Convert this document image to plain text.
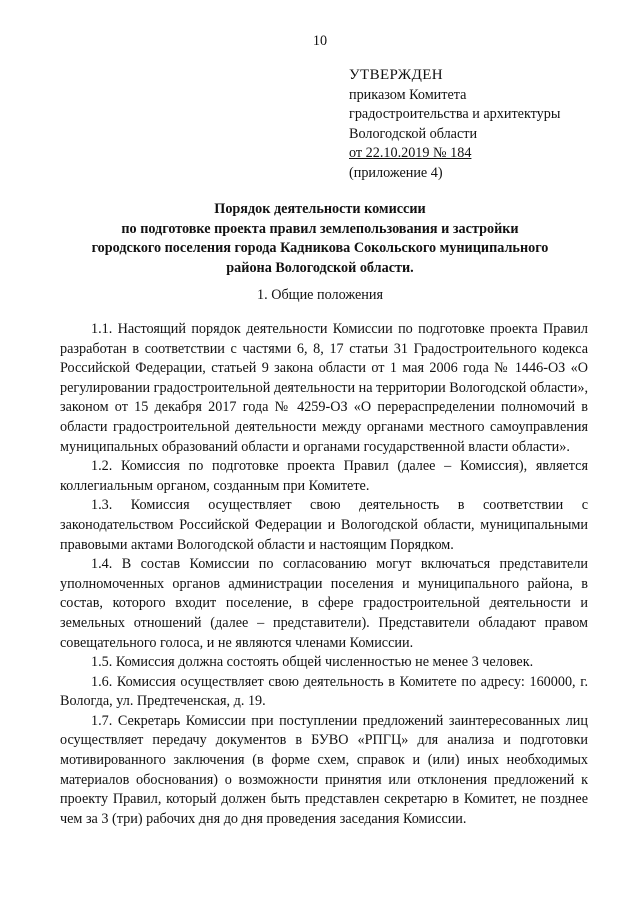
10
УТВЕРЖДЕН
приказом Комитета
градостроительства и архитектуры
Вологодской области
от 22.10.2019 № 184
(приложение 4)
Порядок деятельности комиссии
по подготовке проекта правил землепользования и застройки
городского поселения города Кадникова Сокольского муниципального
района Вологодской области.
1. Общие положения

1.1. Настоящий порядок деятельности Комиссии по подготовке проекта Правил разработан в соответствии с частями 6, 8, 17 статьи 31 Градостроительного кодекса Российской Федерации, статьей 9 закона области от 1 мая 2006 года № 1446-ОЗ «О регулировании градостроительной деятельности на территории Вологодской области», законом от 15 декабря 2017 года № 4259-ОЗ «О перераспределении полномочий в области градостроительной деятельности между органами местного самоуправления муниципальных образований области и органами государственной власти области».

1.2. Комиссия по подготовке проекта Правил (далее – Комиссия), является коллегиальным органом, созданным при Комитете.

1.3. Комиссия осуществляет свою деятельность в соответствии с законодательством Российской Федерации и Вологодской области, муниципальными правовыми актами Вологодской области и настоящим Порядком.

1.4. В состав Комиссии по согласованию могут включаться представители уполномоченных органов администрации поселения и муниципального района, в состав, которого входит поселение, в сфере градостроительной деятельности и земельных отношений (далее – представители). Представители обладают правом совещательного голоса, и не являются членами Комиссии.

1.5. Комиссия должна состоять общей численностью не менее 3 человек.

1.6. Комиссия осуществляет свою деятельность в Комитете по адресу: 160000, г. Вологда, ул. Предтеченская, д. 19.

1.7. Секретарь Комиссии при поступлении предложений заинтересованных лиц осуществляет передачу документов в БУВО «РПГЦ» для анализа и подготовки мотивированного заключения (в форме схем, справок и (или) иных необходимых материалов обоснования) о возможности принятия или отклонения предложений к проекту Правил, который должен быть представлен секретарю в Комитет, не позднее чем за 3 (три) рабочих дня до дня проведения заседания Комиссии.
